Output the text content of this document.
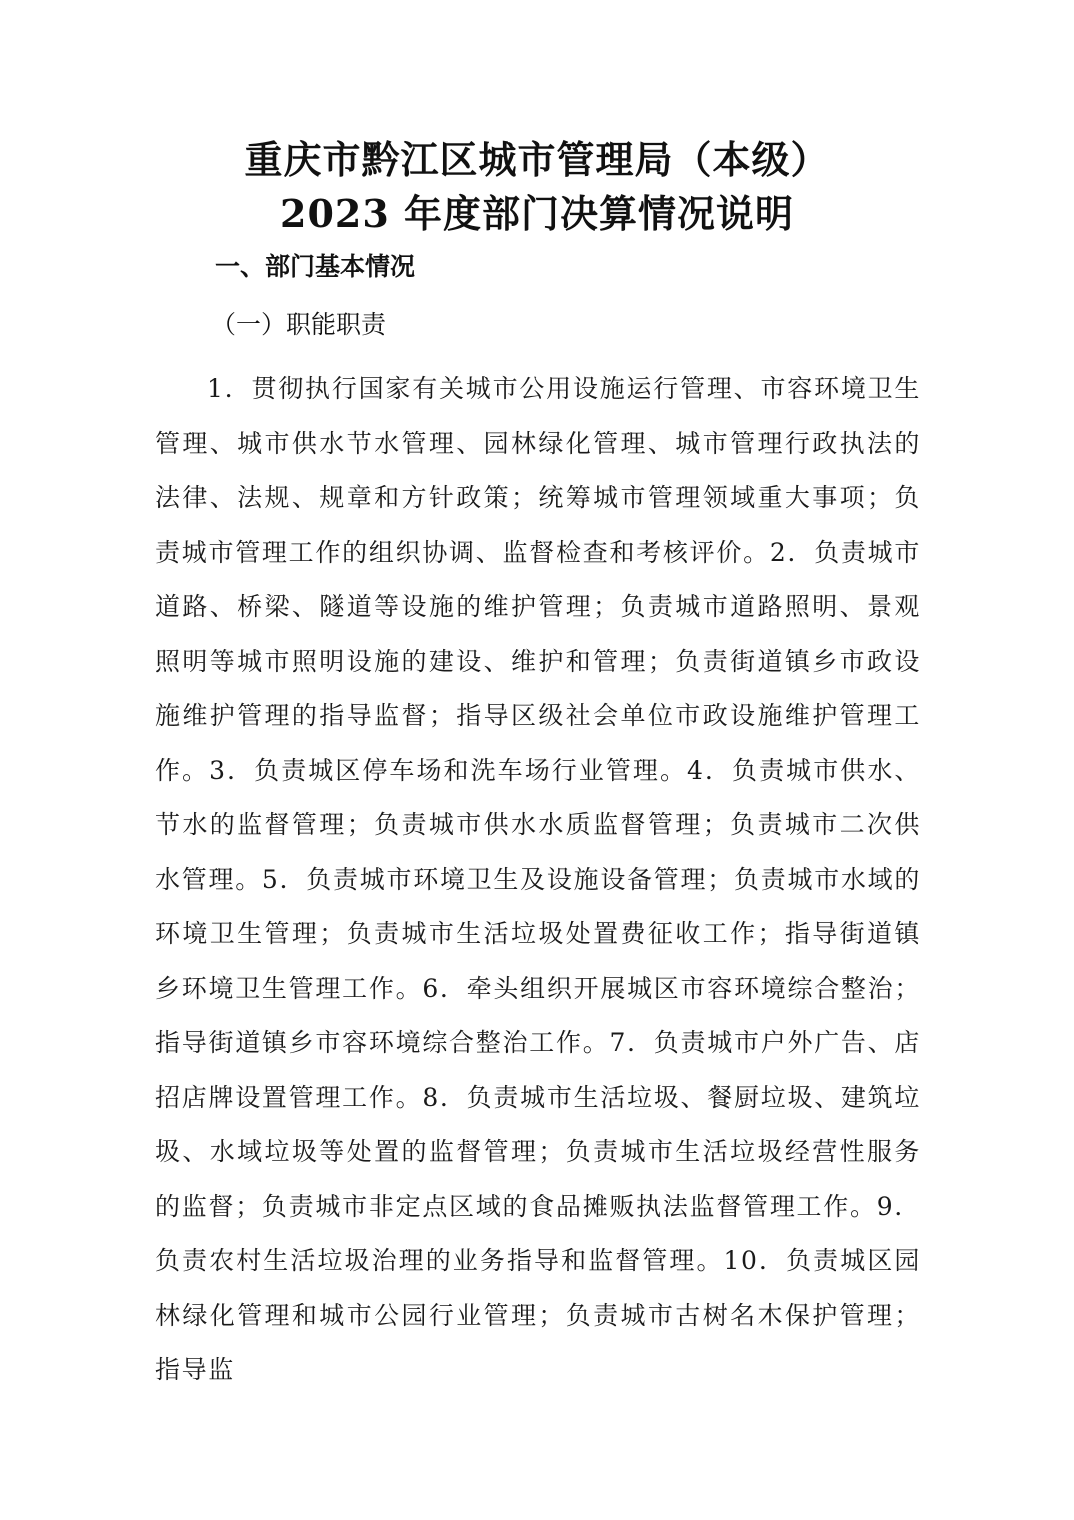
重庆市黔江区城市管理局（本级）
2023 年度部门决算情况说明
一、部门基本情况
（一）职能职责

1．贯彻执行国家有关城市公用设施运行管理、市容环境卫生管理、城市供水节水管理、园林绿化管理、城市管理行政执法的法律、法规、规章和方针政策；统筹城市管理领域重大事项；负责城市管理工作的组织协调、监督检查和考核评价。2．负责城市道路、桥梁、隧道等设施的维护管理；负责城市道路照明、景观照明等城市照明设施的建设、维护和管理；负责街道镇乡市政设施维护管理的指导监督；指导区级社会单位市政设施维护管理工作。3．负责城区停车场和洗车场行业管理。4．负责城市供水、节水的监督管理；负责城市供水水质监督管理；负责城市二次供水管理。5．负责城市环境卫生及设施设备管理；负责城市水域的环境卫生管理；负责城市生活垃圾处置费征收工作；指导街道镇乡环境卫生管理工作。6．牵头组织开展城区市容环境综合整治；指导街道镇乡市容环境综合整治工作。7．负责城市户外广告、店招店牌设置管理工作。8．负责城市生活垃圾、餐厨垃圾、建筑垃圾、水域垃圾等处置的监督管理；负责城市生活垃圾经营性服务的监督；负责城市非定点区域的食品摊贩执法监督管理工作。9．负责农村生活垃圾治理的业务指导和监督管理。10．负责城区园林绿化管理和城市公园行业管理；负责城市古树名木保护管理；指导监
